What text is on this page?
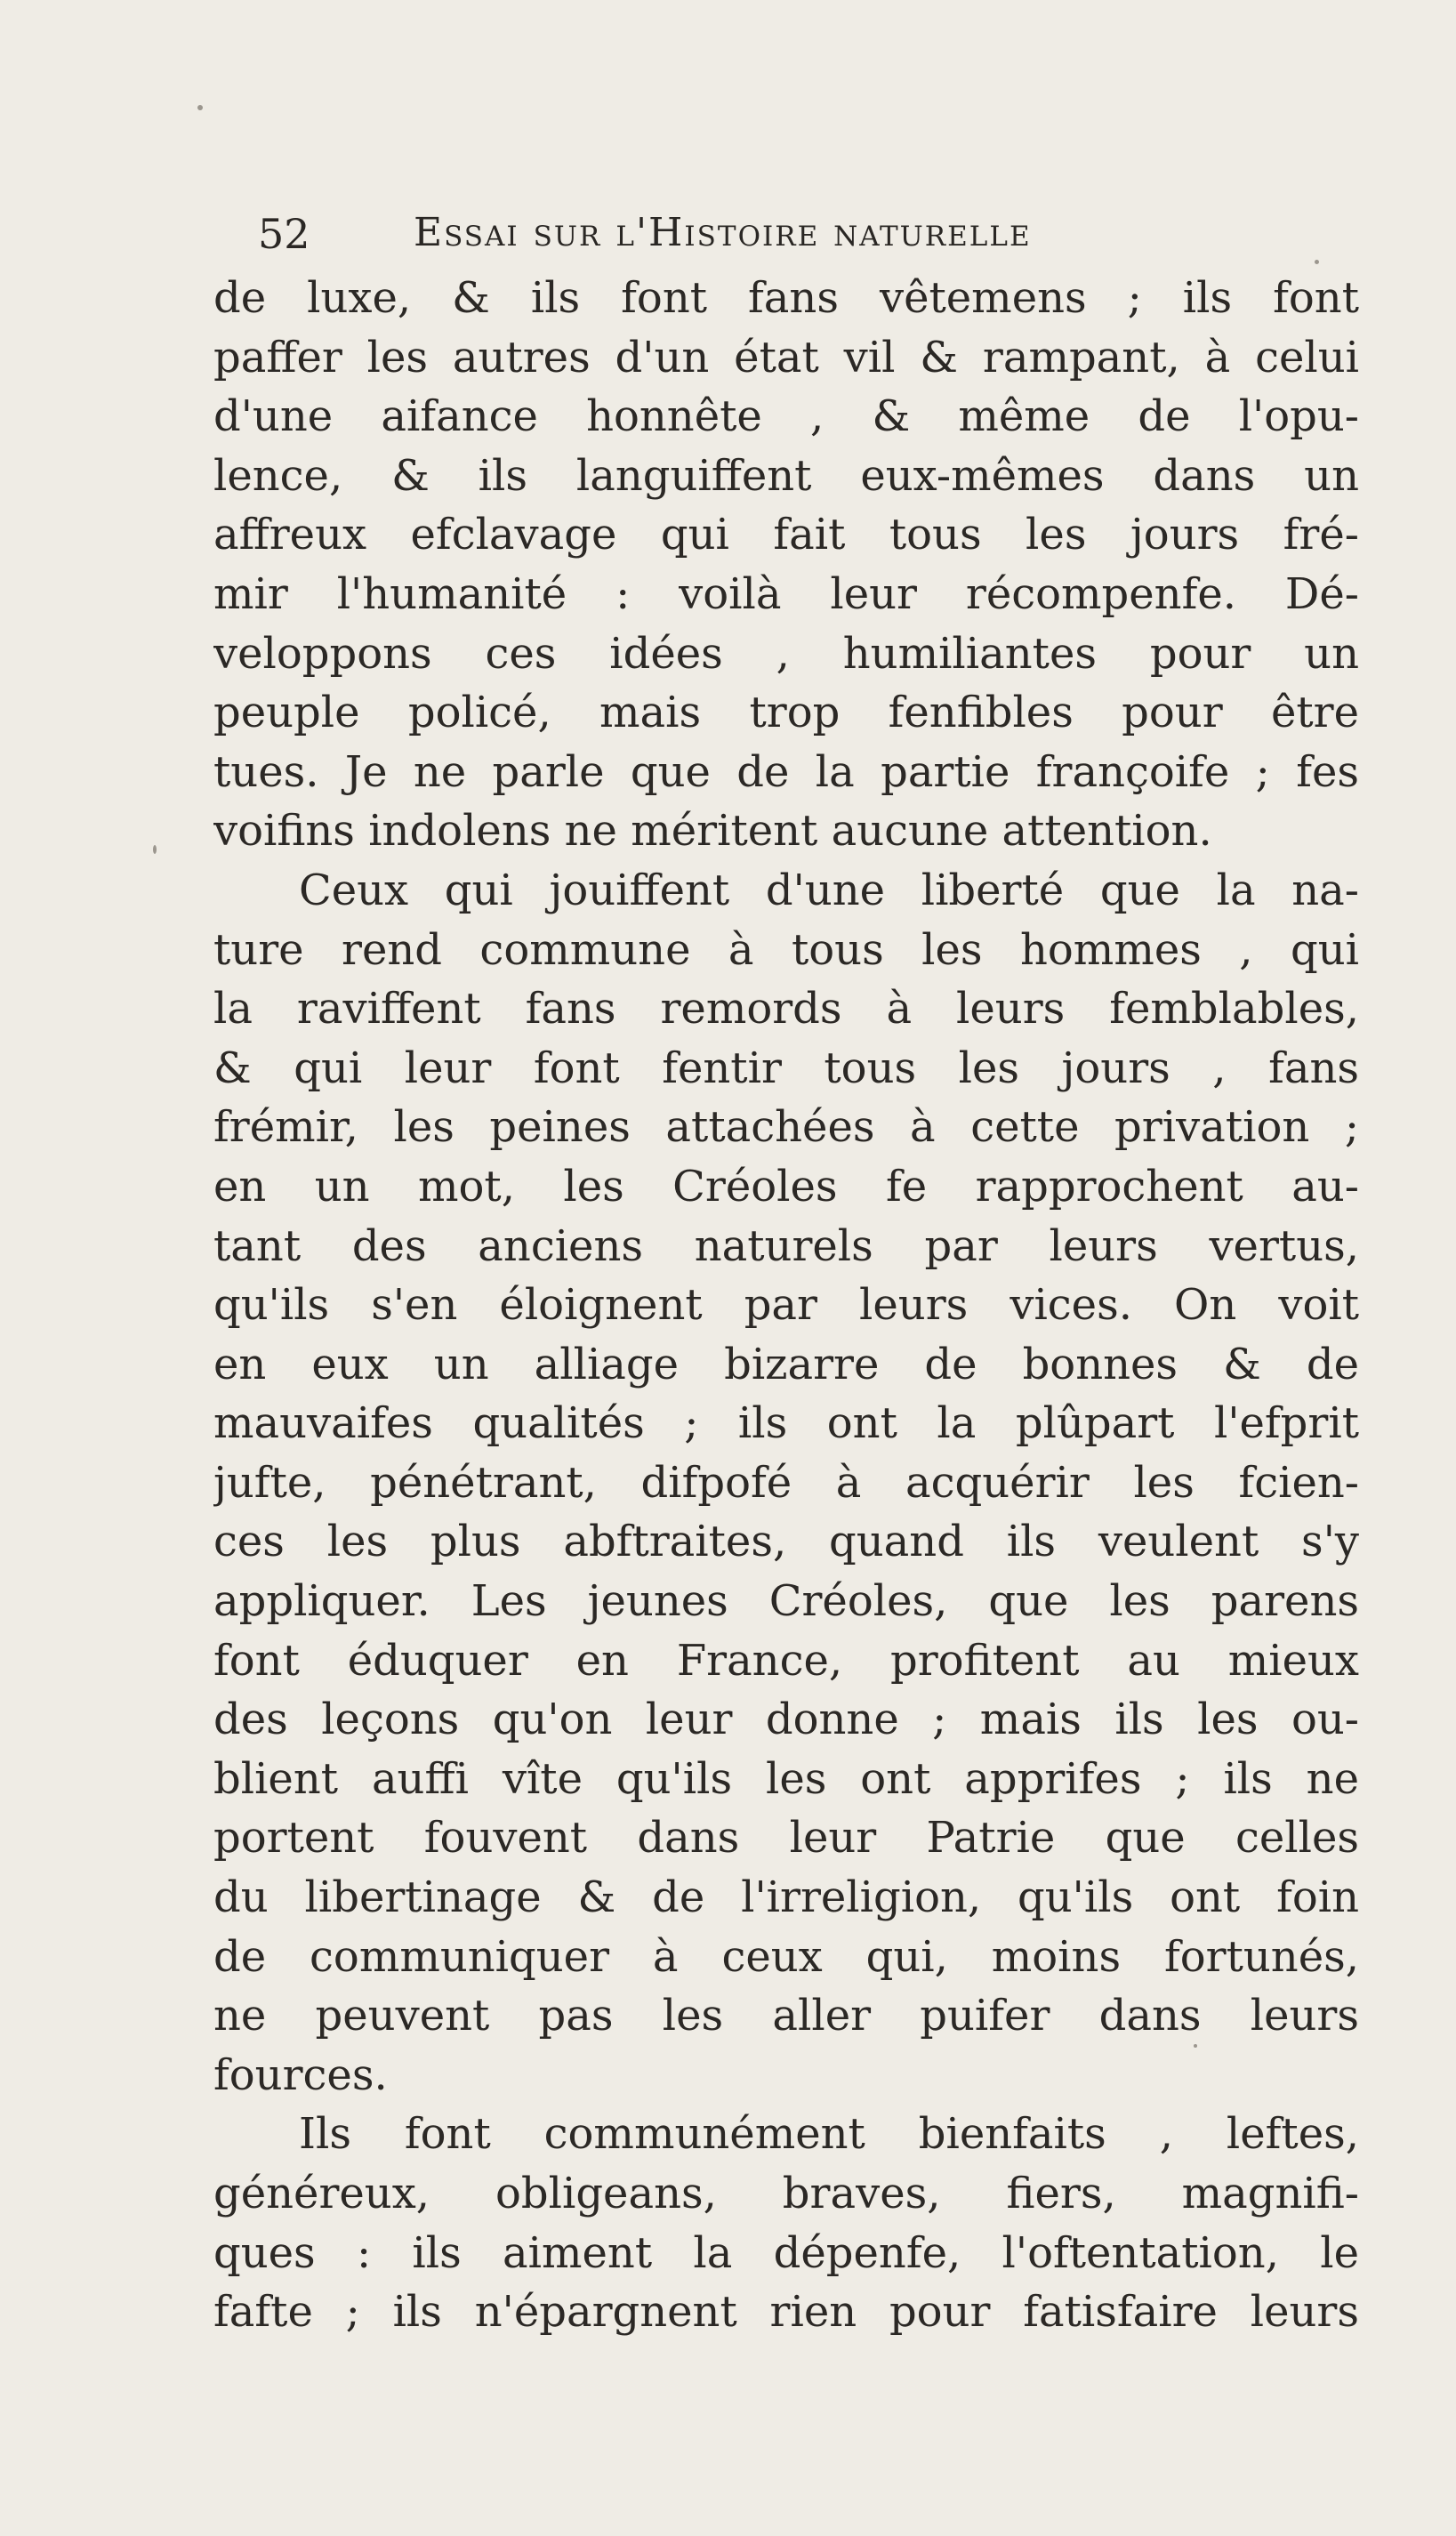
52	Essai sur l'Histoire naturelle
de luxe, & ils font fans vêtemens ; ils font
paffer les autres d'un état vil & rampant, à celui
d'une aifance honnête , & même de l'opu-
lence, & ils languiffent eux-mêmes dans un
affreux efclavage qui fait tous les jours fré-
mir l'humanité : voilà leur récompenfe. Dé-
veloppons ces idées , humiliantes pour un
peuple policé, mais trop fenfibles pour être
tues. Je ne parle que de la partie françoife ; fes
voifins indolens ne méritent aucune attention.
Ceux qui jouiffent d'une liberté que la na-
ture rend commune à tous les hommes , qui
la raviffent fans remords à leurs femblables,
& qui leur font fentir tous les jours , fans
frémir, les peines attachées à cette privation ;
en un mot, les Créoles fe rapprochent au-
tant des anciens naturels par leurs vertus,
qu'ils s'en éloignent par leurs vices. On voit
en eux un alliage bizarre de bonnes & de
mauvaifes qualités ; ils ont la plûpart l'efprit
jufte, pénétrant, difpofé à acquérir les fcien-
ces les plus abftraites, quand ils veulent s'y
appliquer. Les jeunes Créoles, que les parens
font éduquer en France, profitent au mieux
des leçons qu'on leur donne ; mais ils les ou-
blient auffi vîte qu'ils les ont apprifes ; ils ne
portent fouvent dans leur Patrie que celles
du libertinage & de l'irreligion, qu'ils ont foin
de communiquer à ceux qui, moins fortunés,
ne peuvent pas les aller puifer dans leurs
fources.
Ils font communément bienfaits , leftes,
généreux, obligeans, braves, fiers, magnifi-
ques : ils aiment la dépenfe, l'oftentation, le
fafte ; ils n'épargnent rien pour fatisfaire leurs
